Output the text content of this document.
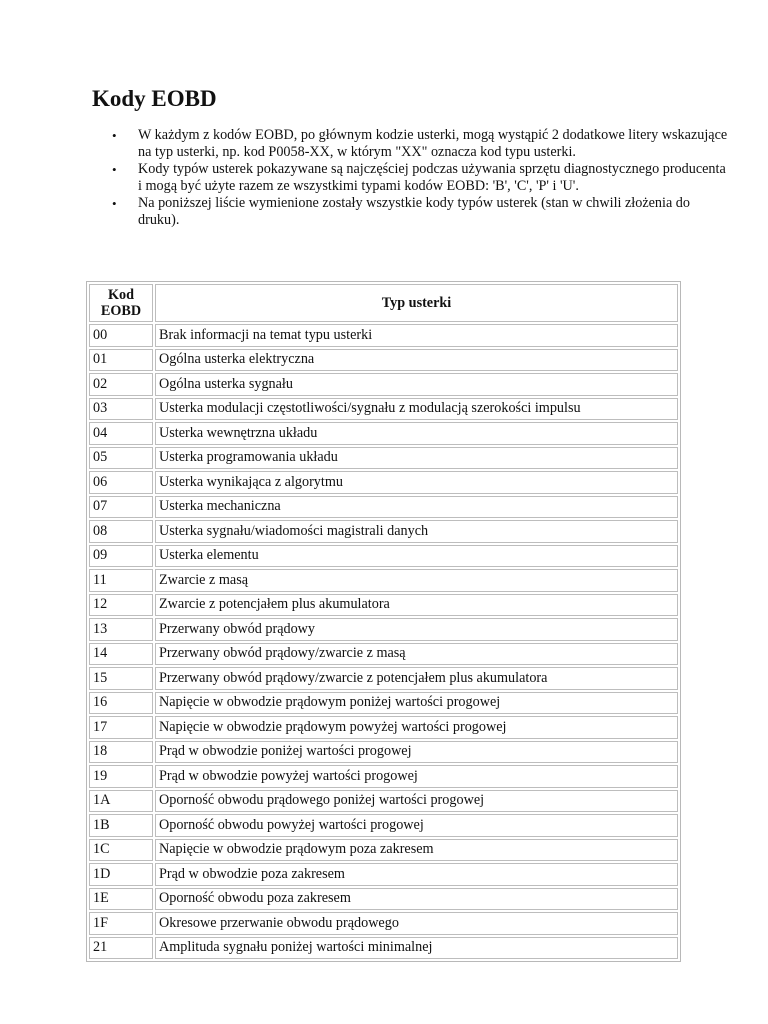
Kody EOBD
• W każdym z kodów EOBD, po głównym kodzie usterki, mogą wystąpić 2 dodatkowe litery wskazujące na typ usterki, np. kod P0058-XX, w którym "XX" oznacza kod typu usterki.
• Kody typów usterek pokazywane są najczęściej podczas używania sprzętu diagnostycznego producenta i mogą być użyte razem ze wszystkimi typami kodów EOBD: 'B', 'C', 'P' i 'U'.
• Na poniższej liście wymienione zostały wszystkie kody typów usterek (stan w chwili złożenia do druku).
Kod
EOBD	Typ usterki
00	Brak informacji na temat typu usterki
01	Ogólna usterka elektryczna
02	Ogólna usterka sygnału
03	Usterka modulacji częstotliwości/sygnału z modulacją szerokości impulsu
04	Usterka wewnętrzna układu
05	Usterka programowania układu
06	Usterka wynikająca z algorytmu
07	Usterka mechaniczna
08	Usterka sygnału/wiadomości magistrali danych
09	Usterka elementu
11	Zwarcie z masą
12	Zwarcie z potencjałem plus akumulatora
13	Przerwany obwód prądowy
14	Przerwany obwód prądowy/zwarcie z masą
15	Przerwany obwód prądowy/zwarcie z potencjałem plus akumulatora
16	Napięcie w obwodzie prądowym poniżej wartości progowej
17	Napięcie w obwodzie prądowym powyżej wartości progowej
18	Prąd w obwodzie poniżej wartości progowej
19	Prąd w obwodzie powyżej wartości progowej
1A	Oporność obwodu prądowego poniżej wartości progowej
1B	Oporność obwodu powyżej wartości progowej
1C	Napięcie w obwodzie prądowym poza zakresem
1D	Prąd w obwodzie poza zakresem
1E	Oporność obwodu poza zakresem
1F	Okresowe przerwanie obwodu prądowego
21	Amplituda sygnału poniżej wartości minimalnej
